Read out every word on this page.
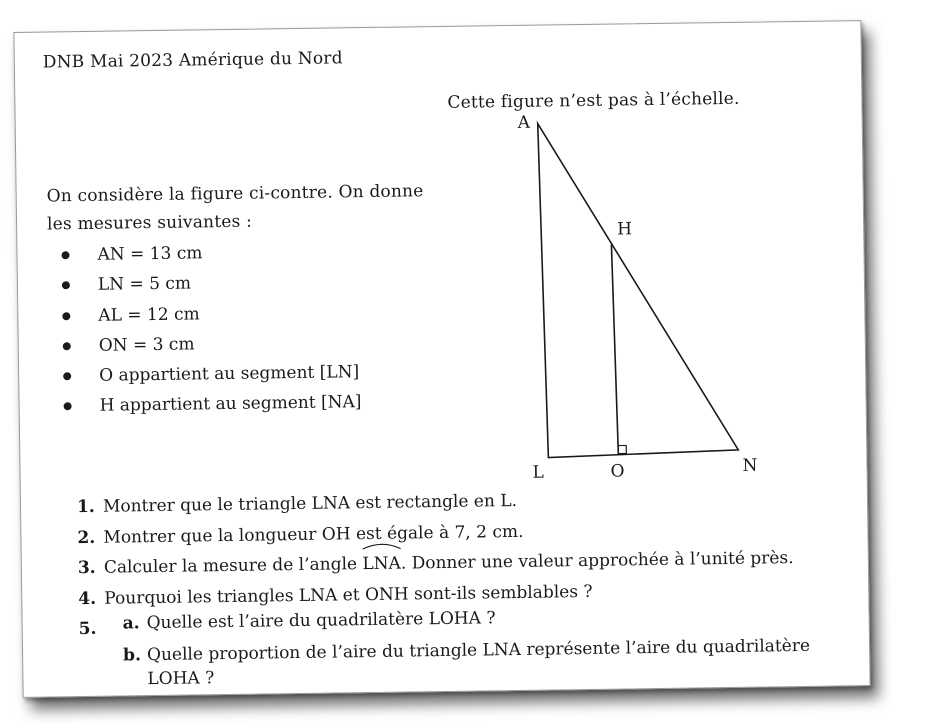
DNB Mai 2023 Amérique du Nord
Cette figure n’est pas à l’échelle.
On considère la figure ci-contre. On donne les mesures suivantes :
AN = 13 cm
LN = 5 cm
AL = 12 cm
ON = 3 cm
O appartient au segment [LN]
H appartient au segment [NA]
A
H
L	O	N
1. Montrer que le triangle LNA est rectangle en L.
2. Montrer que la longueur OH est égale à 7, 2 cm.
3. Calculer la mesure de l’angle
LNA. Donner une valeur approchée à l’unité près.
4. Pourquoi les triangles LNA et ONH sont-ils semblables ?
5. a. Quelle est l’aire du quadrilatère LOHA ?
b. Quelle proportion de l’aire du triangle LNA représente l’aire du quadrilatère
LOHA ?
